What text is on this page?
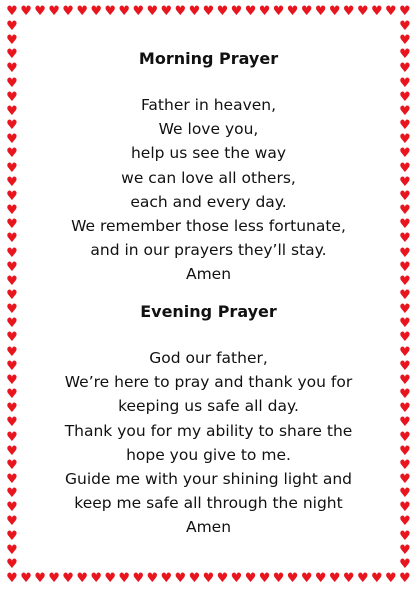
♥ ♥ ♥ ♥ ♥ ♥ ♥ ♥ ♥ ♥ ♥ ♥ ♥ ♥ ♥ ♥ ♥ ♥ ♥ ♥ ♥ ♥ ♥ ♥ ♥ ♥ ♥ ♥ ♥
♥ ♥ ♥ ♥ ♥ ♥ ♥ ♥ ♥ ♥ ♥ ♥ ♥ ♥ ♥ ♥ ♥ ♥ ♥ ♥ ♥ ♥ ♥ ♥ ♥ ♥ ♥ ♥ ♥
♥
♥
♥
♥
♥
♥
♥
♥
♥
♥
♥
♥
♥
♥
♥
♥
♥
♥
♥
♥
♥
♥
♥
♥
♥
♥
♥
♥
♥
♥
♥
♥
♥
♥
♥
♥
♥
♥
♥
♥
♥
♥
♥
♥
♥
♥
♥
♥
♥
♥
♥
♥
♥
♥
♥
♥
♥
♥
♥
♥
♥
♥
♥
♥
♥
♥
♥
♥
♥
♥
♥
♥
♥
♥
♥
♥
♥
♥
Morning Prayer
Father in heaven,
We love you,
help us see the way
we can love all others,
each and every day.
We remember those less fortunate,
and in our prayers they’ll stay.
Amen
Evening Prayer
God our father,
We’re here to pray and thank you for
keeping us safe all day.
Thank you for my ability to share the
hope you give to me.
Guide me with your shining light and
keep me safe all through the night
Amen
